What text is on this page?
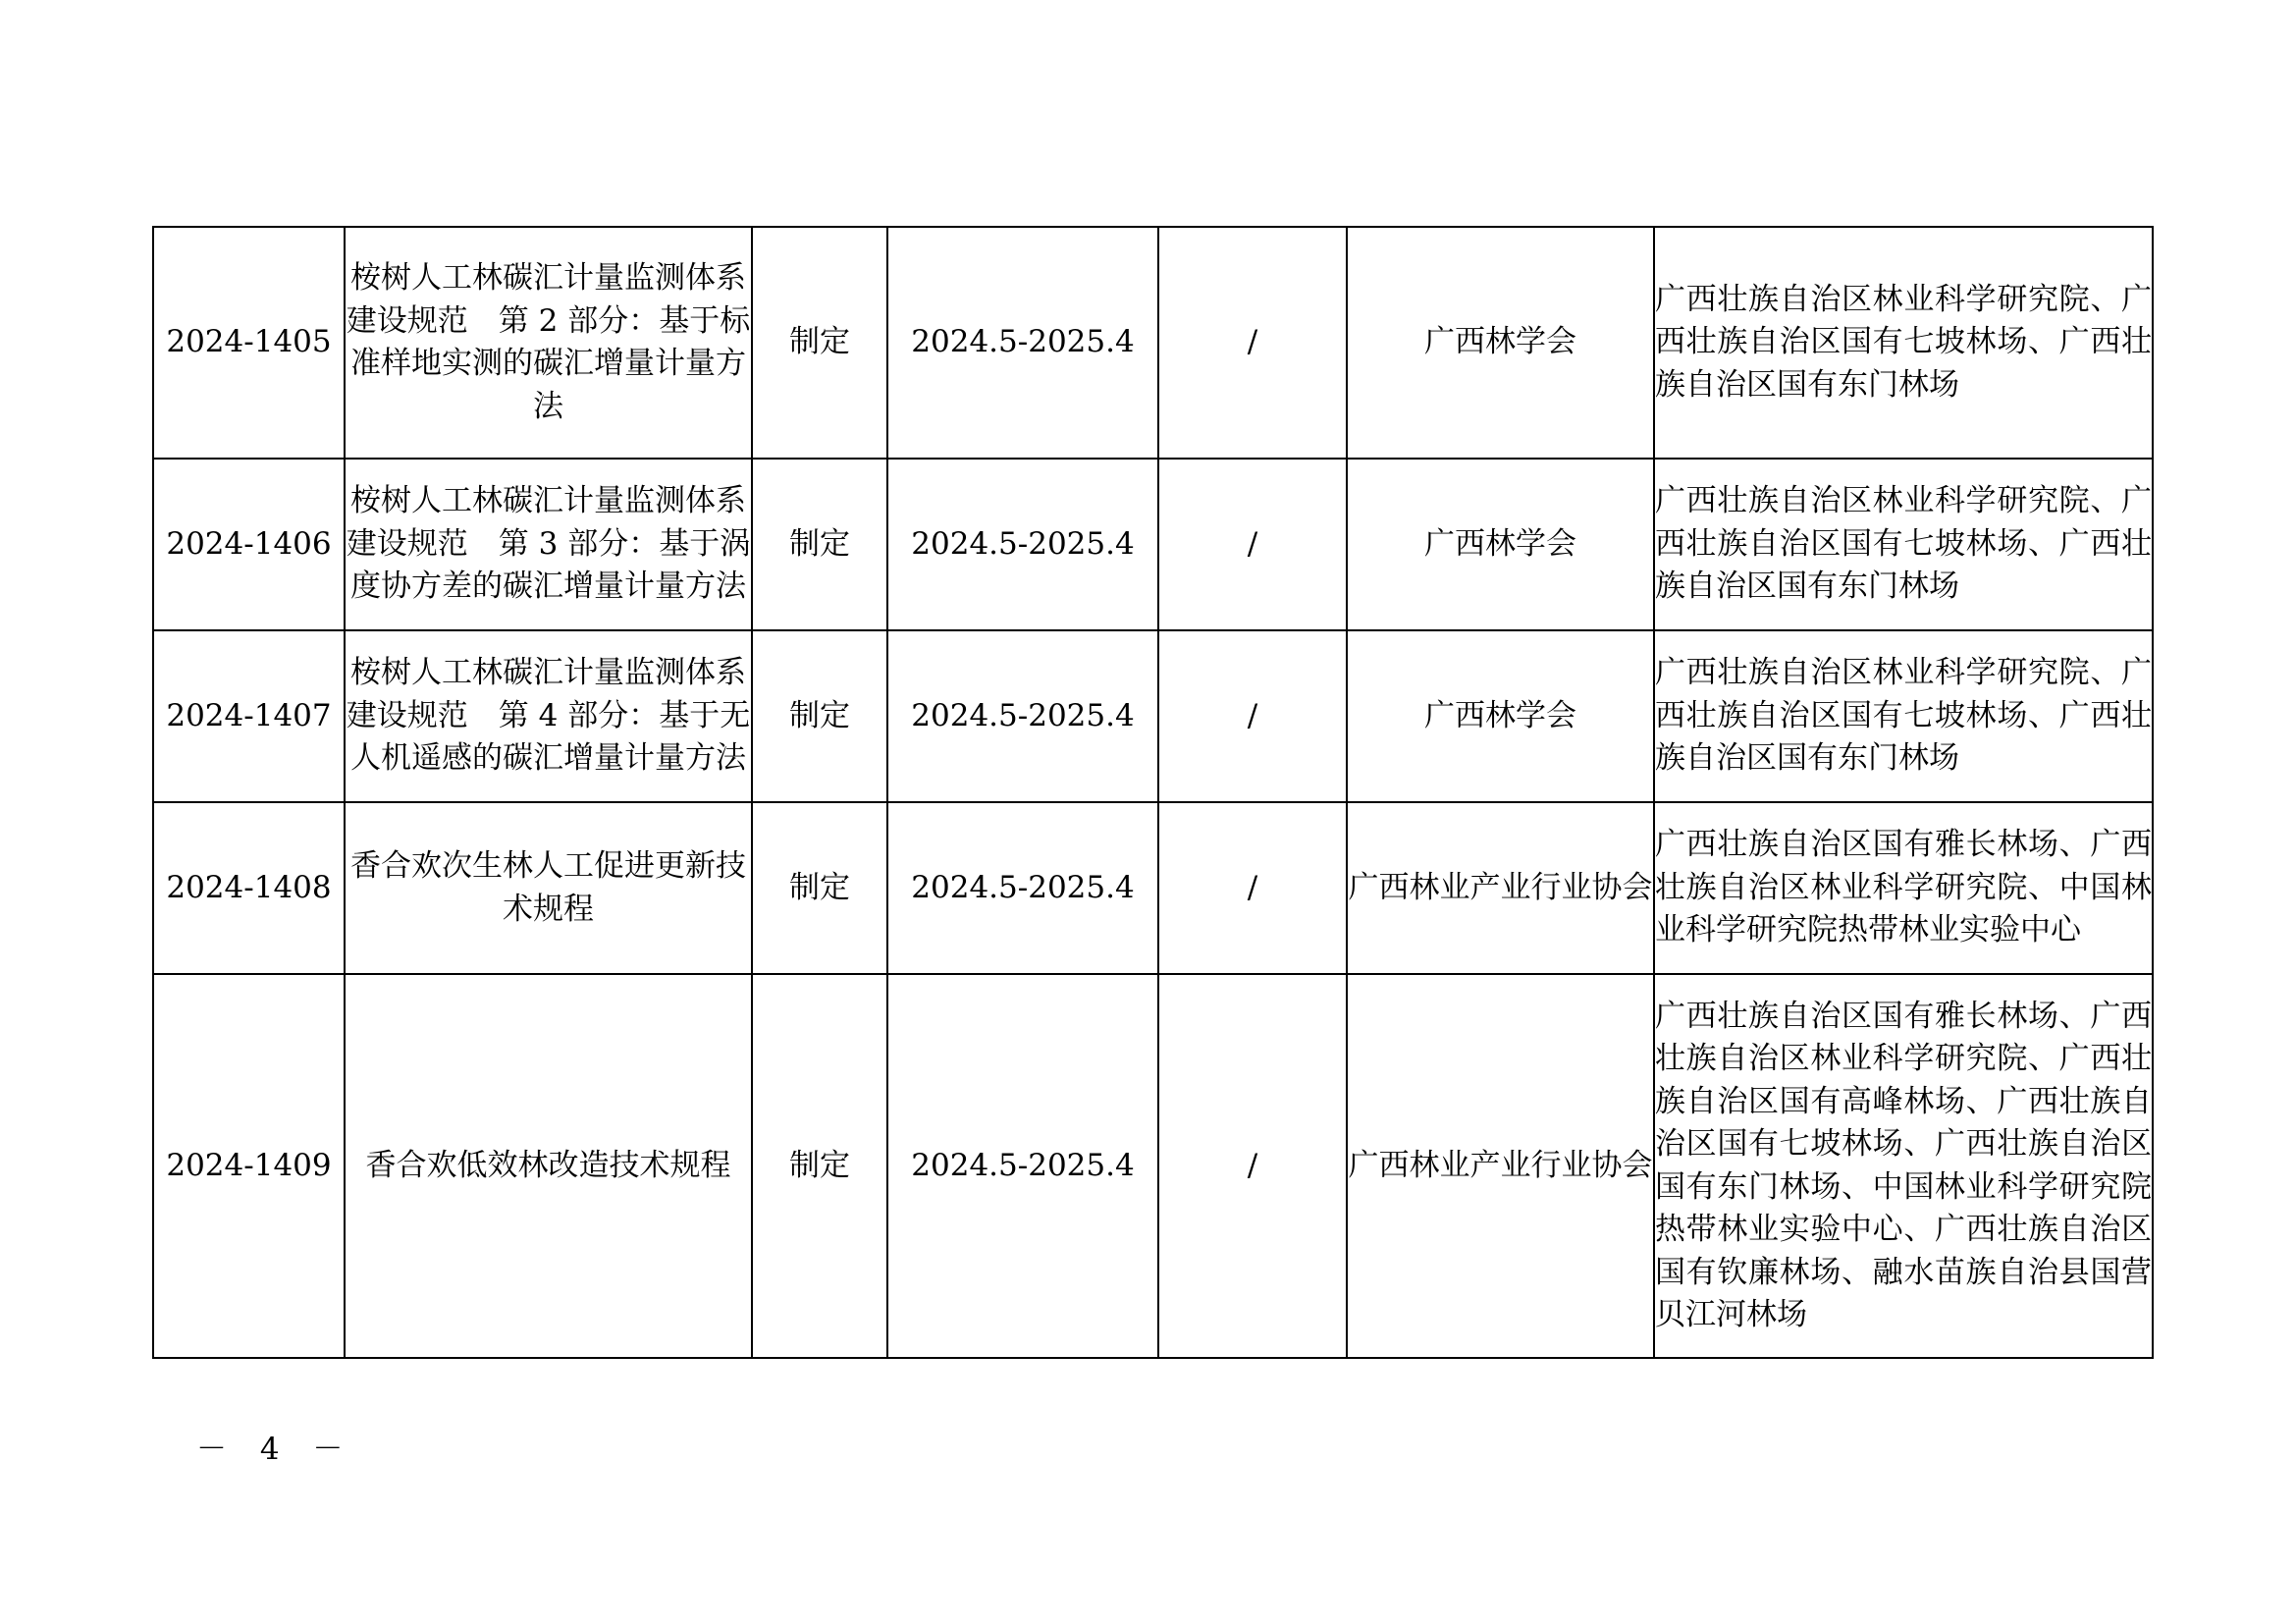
2024-1405	桉树人工林碳汇计量监测体系建设规范　第 2 部分：基于标准样地实测的碳汇增量计量方法	制定	2024.5-2025.4	/	广西林学会	广西壮族自治区林业科学研究院、广西壮族自治区国有七坡林场、广西壮族自治区国有东门林场
2024-1406	桉树人工林碳汇计量监测体系建设规范　第 3 部分：基于涡度协方差的碳汇增量计量方法	制定	2024.5-2025.4	/	广西林学会	广西壮族自治区林业科学研究院、广西壮族自治区国有七坡林场、广西壮族自治区国有东门林场
2024-1407	桉树人工林碳汇计量监测体系建设规范　第 4 部分：基于无人机遥感的碳汇增量计量方法	制定	2024.5-2025.4	/	广西林学会	广西壮族自治区林业科学研究院、广西壮族自治区国有七坡林场、广西壮族自治区国有东门林场
2024-1408	香合欢次生林人工促进更新技术规程	制定	2024.5-2025.4	/	广西林业产业行业协会	广西壮族自治区国有雅长林场、广西壮族自治区林业科学研究院、中国林业科学研究院热带林业实验中心
2024-1409	香合欢低效林改造技术规程	制定	2024.5-2025.4	/	广西林业产业行业协会	广西壮族自治区国有雅长林场、广西壮族自治区林业科学研究院、广西壮族自治区国有高峰林场、广西壮族自治区国有七坡林场、广西壮族自治区国有东门林场、中国林业科学研究院热带林业实验中心、广西壮族自治区国有钦廉林场、融水苗族自治县国营贝江河林场
－ 4 －
